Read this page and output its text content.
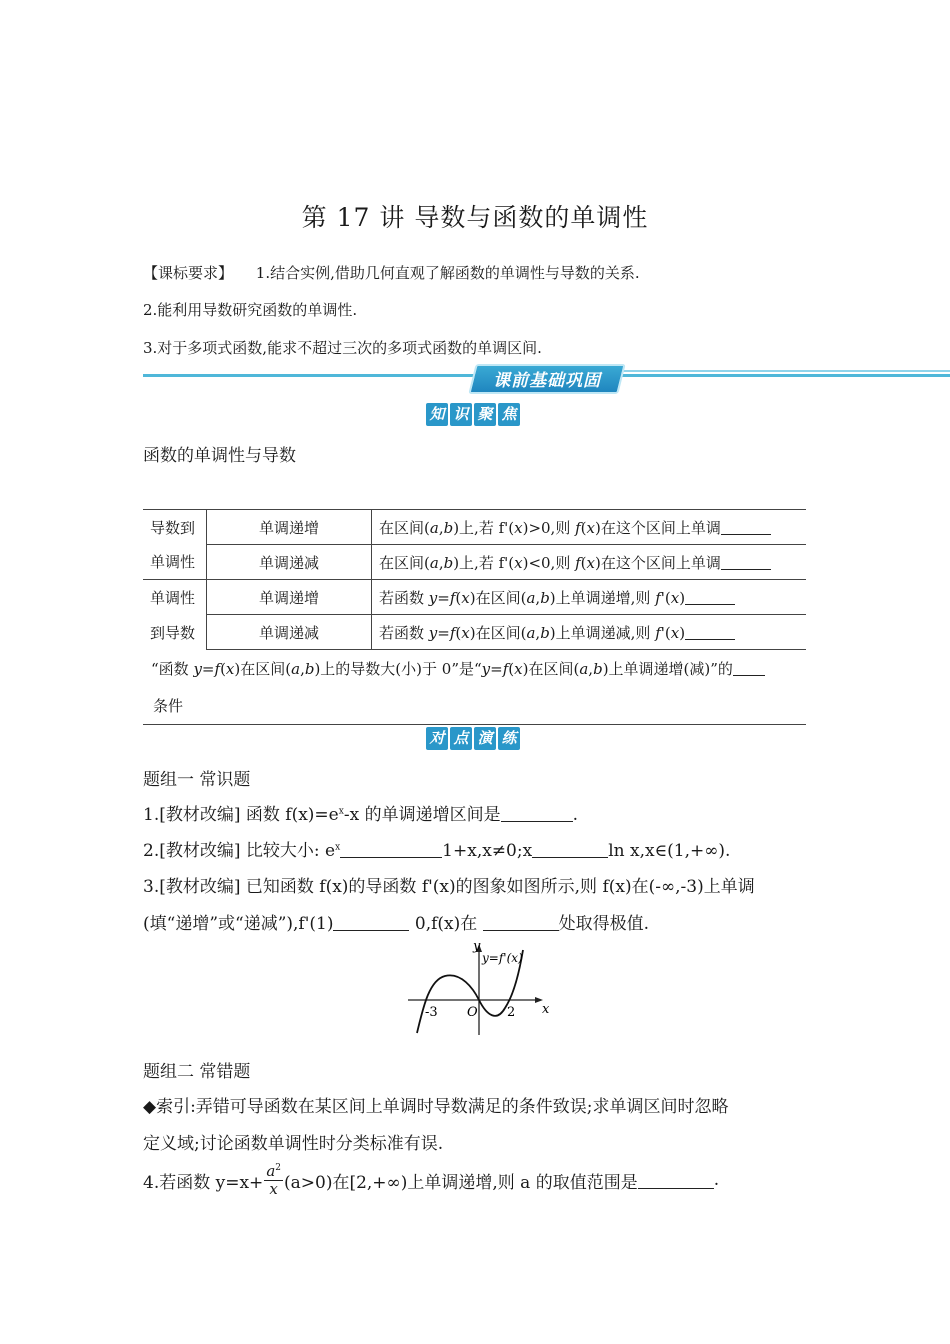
第 17 讲 导数与函数的单调性
【课标要求】 1.结合实例,借助几何直观了解函数的单调性与导数的关系.
2.能利用导数研究函数的单调性.
3.对于多项式函数,能求不超过三次的多项式函数的单调区间.
课前基础巩固
知 识 聚 焦
函数的单调性与导数
导数到	单调递增	在区间(a,b)上,若 f'(x)>0,则 f(x)在这个区间上单调
单调性	单调递减	在区间(a,b)上,若 f'(x)<0,则 f(x)在这个区间上单调
单调性	单调递增	若函数 y=f(x)在区间(a,b)上单调递增,则 f'(x)
到导数	单调递减	若函数 y=f(x)在区间(a,b)上单调递减,则 f'(x)
“函数 y=f(x)在区间(a,b)上的导数大(小)于 0”是“y=f(x)在区间(a,b)上单调递增(减)”的
条件
对 点 演 练
题组一 常识题
1.[教材改编] 函数 $f(x)=e^x-x$ 的单调递增区间是	.
2.[教材改编] 比较大小: $e^x$	1+x,x≠0;x	ln x,x∈(1,+∞).
3.[教材改编] 已知函数 f(x)的导函数 f'(x)的图象如图所示,则 f(x)在(-∞,-3)上单调
(填“递增”或“递减”),f'(1)	0,f(x)在	处取得极值.
y
x
y=f'(x)
O
-3	2
题组二 常错题
◆索引:弄错可导函数在某区间上单调时导数满足的条件致误;求单调区间时忽略
定义域;讨论函数单调性时分类标准有误.
4.若函数 $y=x+ \frac{a^2}{x} (a>0)$在[2,+∞)上单调递增,则 a 的取值范围是	.
